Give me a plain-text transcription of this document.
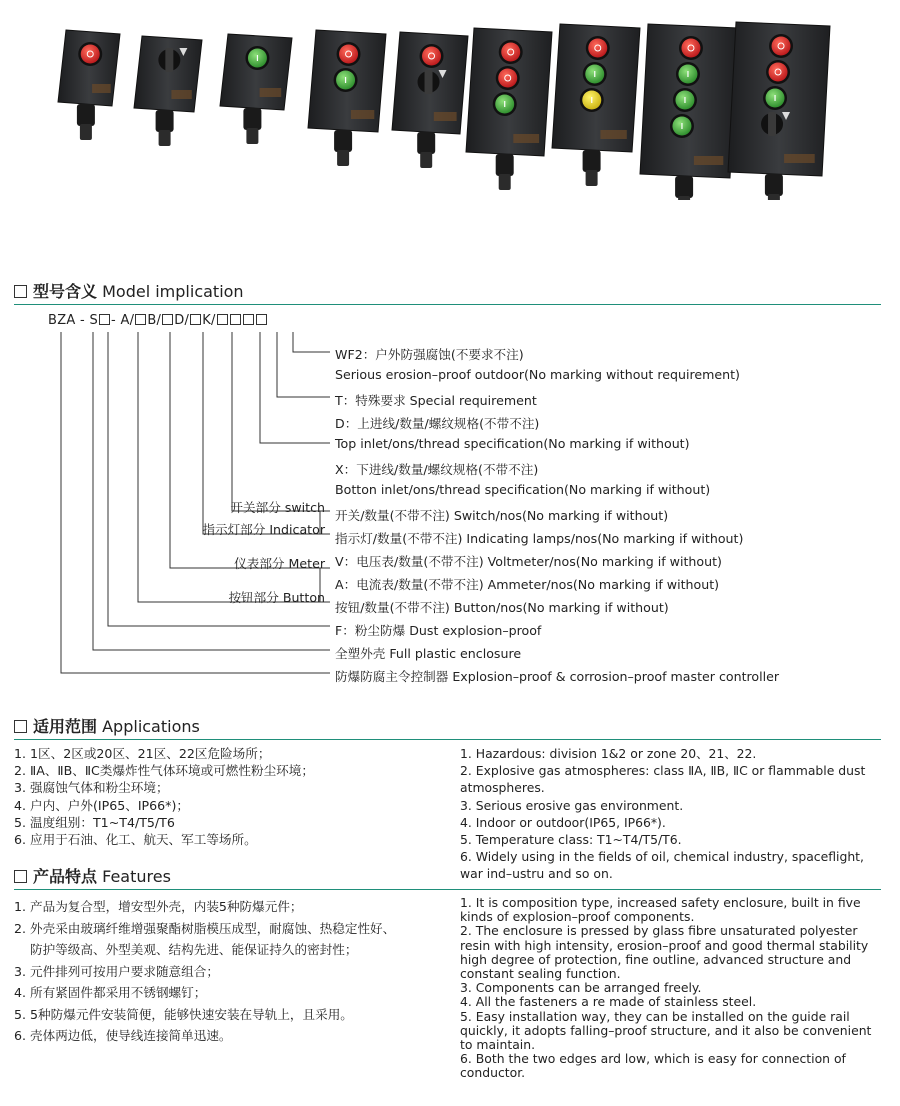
型号含义 Model implication
BZA - S - A/ B/ D/ K/
WF2：户外防强腐蚀(不要求不注)
Serious erosion–proof outdoor(No marking without requirement)
T：特殊要求 Special requirement
D：上进线/数量/螺纹规格(不带不注)
Top inlet/ons/thread specification(No marking if without)
X：下进线/数量/螺纹规格(不带不注)
Botton inlet/ons/thread specification(No marking if without)
开关/数量(不带不注) Switch/nos(No marking if without)
指示灯/数量(不带不注) Indicating lamps/nos(No marking if without)
V：电压表/数量(不带不注) Voltmeter/nos(No marking if without)
A：电流表/数量(不带不注) Ammeter/nos(No marking if without)
按钮/数量(不带不注) Button/nos(No marking if without)
F：粉尘防爆 Dust explosion–proof
全塑外壳 Full plastic enclosure
防爆防腐主令控制器 Explosion–proof & corrosion–proof master controller
开关部分 switch
指示灯部分 Indicator
仪表部分 Meter
按钮部分 Button
适用范围 Applications
1. 1区、2区或20区、21区、22区危险场所；
2. ⅡA、ⅡB、ⅡC类爆炸性气体环境或可燃性粉尘环境；
3. 强腐蚀气体和粉尘环境；
4. 户内、户外(IP65、IP66*)；
5. 温度组别：T1~T4/T5/T6
6. 应用于石油、化工、航天、军工等场所。
1. Hazardous: division 1&2 or zone 20、21、22.
2. Explosive gas atmospheres: class ⅡA, ⅡB, ⅡC or flammable dust atmospheres.
3. Serious erosive gas environment.
4. Indoor or outdoor(IP65, IP66*).
5. Temperature class: T1~T4/T5/T6.
6. Widely using in the fields of oil, chemical industry, spaceflight, war ind–ustru and so on.
产品特点 Features
1. 产品为复合型，增安型外壳，内装5种防爆元件；
2. 外壳采由玻璃纤维增强聚酯树脂模压成型，耐腐蚀、热稳定性好、
防护等级高、外型美观、结构先进、能保证持久的密封性；
3. 元件排列可按用户要求随意组合；
4. 所有紧固件都采用不锈钢螺钉；
5. 5种防爆元件安装简便，能够快速安装在导轨上，且采用。
6. 壳体两边低，使导线连接简单迅速。
1. It is composition type, increased safety enclosure, built in five kinds of explosion–proof components.
2. The enclosure is pressed by glass fibre unsaturated polyester resin with high intensity, erosion–proof and good thermal stability high degree of protection, fine outline, advanced structure and constant sealing function.
3. Components can be arranged freely.
4. All the fasteners a re made of stainless steel.
5. Easy installation way, they can be installed on the guide rail quickly, it adopts falling–proof structure, and it also be convenient to maintain.
6. Both the two edges ard low, which is easy for connection of conductor.
